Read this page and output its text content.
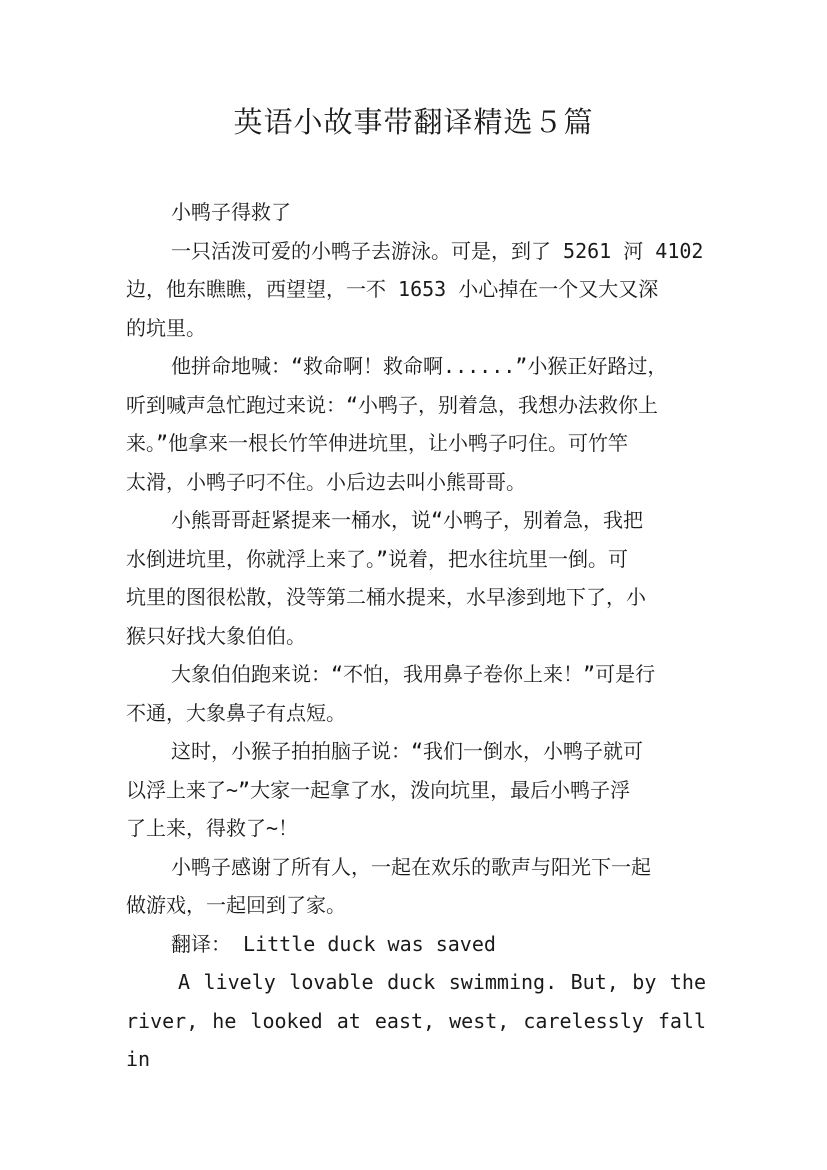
英语小故事带翻译精选５篇
小鸭子得救了
一只活泼可爱的小鸭子去游泳。可是，到了 5261 河 4102
边，他东瞧瞧，西望望，一不 1653 小心掉在一个又大又深
的坑里。
他拼命地喊：“救命啊！救命啊......”小猴正好路过，
听到喊声急忙跑过来说：“小鸭子，别着急，我想办法救你上
来。”他拿来一根长竹竿伸进坑里，让小鸭子叼住。可竹竿
太滑，小鸭子叼不住。小后边去叫小熊哥哥。
小熊哥哥赶紧提来一桶水，说“小鸭子，别着急，我把
水倒进坑里，你就浮上来了。”说着，把水往坑里一倒。可
坑里的图很松散，没等第二桶水提来，水早渗到地下了，小
猴只好找大象伯伯。
大象伯伯跑来说：“不怕，我用鼻子卷你上来！”可是行
不通，大象鼻子有点短。
这时，小猴子拍拍脑子说：“我们一倒水，小鸭子就可
以浮上来了~”大家一起拿了水，泼向坑里，最后小鸭子浮
了上来，得救了~！
小鸭子感谢了所有人，一起在欢乐的歌声与阳光下一起
做游戏，一起回到了家。
翻译： Little duck was saved
A lively lovable duck swimming. But, by the
river, he looked at east, west, carelessly fall in
